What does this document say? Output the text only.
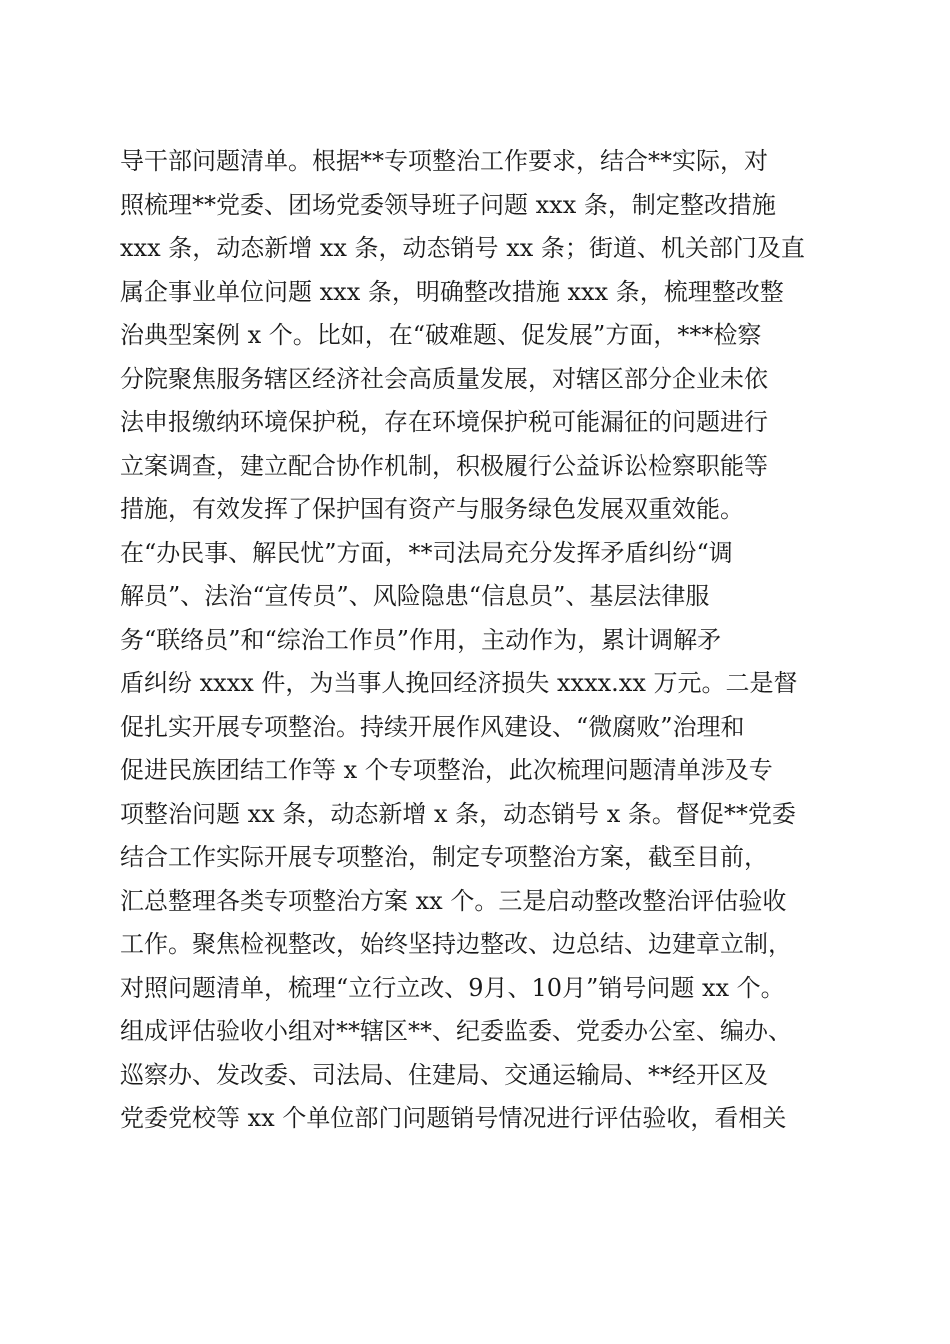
导干部问题清单。根据**专项整治工作要求，结合**实际，对
照梳理**党委、团场党委领导班子问题 xxx 条，制定整改措施
xxx 条，动态新增 xx 条，动态销号 xx 条；街道、机关部门及直
属企事业单位问题 xxx 条，明确整改措施 xxx 条，梳理整改整
治典型案例 x 个。比如，在“破难题、促发展”方面，***检察
分院聚焦服务辖区经济社会高质量发展，对辖区部分企业未依
法申报缴纳环境保护税，存在环境保护税可能漏征的问题进行
立案调查，建立配合协作机制，积极履行公益诉讼检察职能等
措施，有效发挥了保护国有资产与服务绿色发展双重效能。
在“办民事、解民忧”方面，**司法局充分发挥矛盾纠纷“调
解员”、法治“宣传员”、风险隐患“信息员”、基层法律服
务“联络员”和“综治工作员”作用，主动作为，累计调解矛
盾纠纷 xxxx 件，为当事人挽回经济损失 xxxx.xx 万元。二是督
促扎实开展专项整治。持续开展作风建设、“微腐败”治理和
促进民族团结工作等 x 个专项整治，此次梳理问题清单涉及专
项整治问题 xx 条，动态新增 x 条，动态销号 x 条。督促**党委
结合工作实际开展专项整治，制定专项整治方案，截至目前，
汇总整理各类专项整治方案 xx 个。三是启动整改整治评估验收
工作。聚焦检视整改，始终坚持边整改、边总结、边建章立制，
对照问题清单，梳理“立行立改、9月、10月”销号问题 xx 个。
组成评估验收小组对**辖区**、纪委监委、党委办公室、编办、
巡察办、发改委、司法局、住建局、交通运输局、**经开区及
党委党校等 xx 个单位部门问题销号情况进行评估验收，看相关
